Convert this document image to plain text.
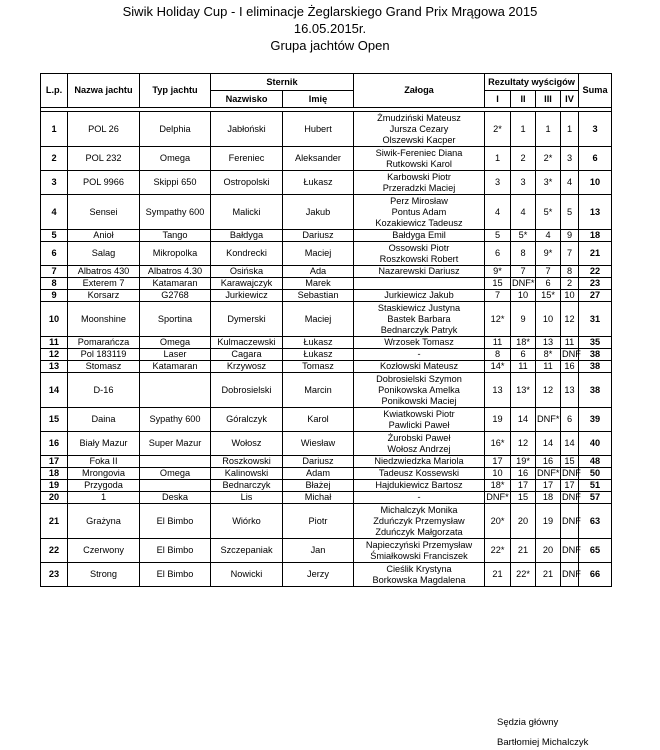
Siwik Holiday Cup - I eliminacje Żeglarskiego Grand Prix Mrągowa 2015
16.05.2015r.
Grupa jachtów Open
L.p.	Nazwa jachtu	Typ jachtu	Sternik		Załoga	Rezultaty wyścigów				Suma
			Nazwisko	Imię		I	II	III	IV	

1	POL 26	Delphia	Jabłoński	Hubert	Żmudziński Mateusz
Jursza Cezary
Olszewski Kacper	2*	1	1	1	3
2	POL 232	Omega	Fereniec	Aleksander	Siwik-Fereniec Diana
Rutkowski Karol	1	2	2*	3	6
3	POL 9966	Skippi 650	Ostropolski	Łukasz	Karbowski Piotr
Przeradzki Maciej	3	3	3*	4	10
4	Sensei	Sympathy 600	Malicki	Jakub	Perz Mirosław
Pontus Adam
Kozakiewicz Tadeusz	4	4	5*	5	13
5	Anioł	Tango	Bałdyga	Dariusz	Bałdyga Emil	5	5*	4	9	18
6	Salag	Mikropolka	Kondrecki	Maciej	Ossowski Piotr
Roszkowski Robert	6	8	9*	7	21
7	Albatros 430	Albatros 4.30	Osińska	Ada	Nazarewski Dariusz	9*	7	7	8	22
8	Exterem 7	Katamaran	Karawajczyk	Marek		15	DNF*	6	2	23
9	Korsarz	G2768	Jurkiewicz	Sebastian	Jurkiewicz Jakub	7	10	15*	10	27
10	Moonshine	Sportina	Dymerski	Maciej	Staskiewicz Justyna
Bastek Barbara
Bednarczyk Patryk	12*	9	10	12	31
11	Pomarańcza	Omega	Kulmaczewski	Łukasz	Wrzosek Tomasz	11	18*	13	11	35
12	Pol 183119	Laser	Cagara	Łukasz	-	8	6	8*	DNF	38
13	Stomasz	Katamaran	Krzywosz	Tomasz	Kozłowski Mateusz	14*	11	11	16	38
14	D-16		Dobrosielski	Marcin	Dobrosielski Szymon
Ponikowska Amelka
Ponikowski Maciej	13	13*	12	13	38
15	Daina	Sypathy 600	Góralczyk	Karol	Kwiatkowski Piotr
Pawlicki Paweł	19	14	DNF*	6	39
16	Biały Mazur	Super Mazur	Wołosz	Wiesław	Żurobski Paweł
Wołosz Andrzej	16*	12	14	14	40
17	Foka II		Roszkowski	Dariusz	Niedzwiedzka Mariola	17	19*	16	15	48
18	Mrongovia	Omega	Kalinowski	Adam	Tadeusz Kossewski	10	16	DNF*	DNF	50
19	Przygoda		Bednarczyk	Błażej	Hajdukiewicz Bartosz	18*	17	17	17	51
20	1	Deska	Lis	Michał	-	DNF*	15	18	DNF	57
21	Grażyna	El Bimbo	Wiórko	Piotr	Michalczyk Monika
Zduńczyk Przemysław
Zduńczyk Małgorzata	20*	20	19	DNF	63
22	Czerwony	El Bimbo	Szczepaniak	Jan	Napieczyński Przemysław
Śmiałkowski Franciszek	22*	21	20	DNF	65
23	Strong	El Bimbo	Nowicki	Jerzy	Cieślik Krystyna
Borkowska Magdalena	21	22*	21	DNF	66
Sędzia główny
Bartłomiej Michalczyk
